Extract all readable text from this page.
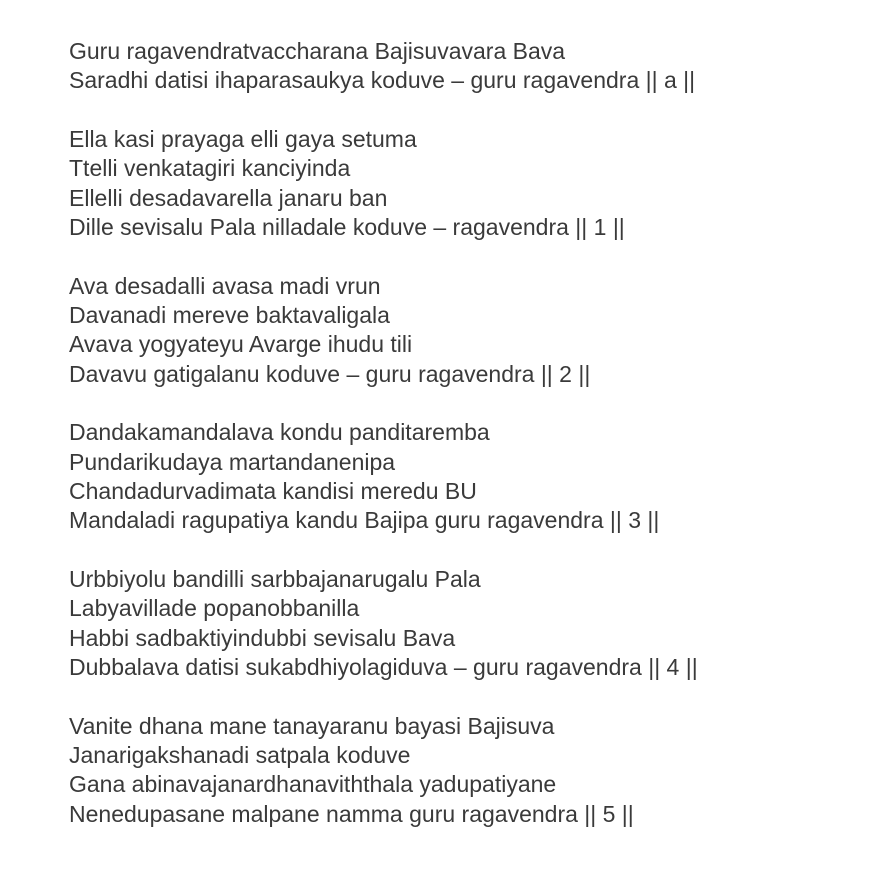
Guru ragavendratvaccharana Bajisuvavara Bava
Saradhi datisi ihaparasaukya koduve – guru ragavendra || a ||
Ella kasi prayaga elli gaya setuma
Ttelli venkatagiri kanciyinda
Ellelli desadavarella janaru ban
Dille sevisalu Pala nilladale koduve – ragavendra || 1 ||
Ava desadalli avasa madi vrun
Davanadi mereve baktavaligala
Avava yogyateyu Avarge ihudu tili
Davavu gatigalanu koduve – guru ragavendra || 2 ||
Dandakamandalava kondu panditaremba
Pundarikudaya martandanenipa
Chandadurvadimata kandisi meredu BU
Mandaladi ragupatiya kandu Bajipa guru ragavendra || 3 ||
Urbbiyolu bandilli sarbbajanarugalu Pala
Labyavillade popanobbanilla
Habbi sadbaktiyindubbi sevisalu Bava
Dubbalava datisi sukabdhiyolagiduva – guru ragavendra || 4 ||
Vanite dhana mane tanayaranu bayasi Bajisuva
Janarigakshanadi satpala koduve
Gana abinavajanardhanaviththala yadupatiyane
Nenedupasane malpane namma guru ragavendra || 5 ||
